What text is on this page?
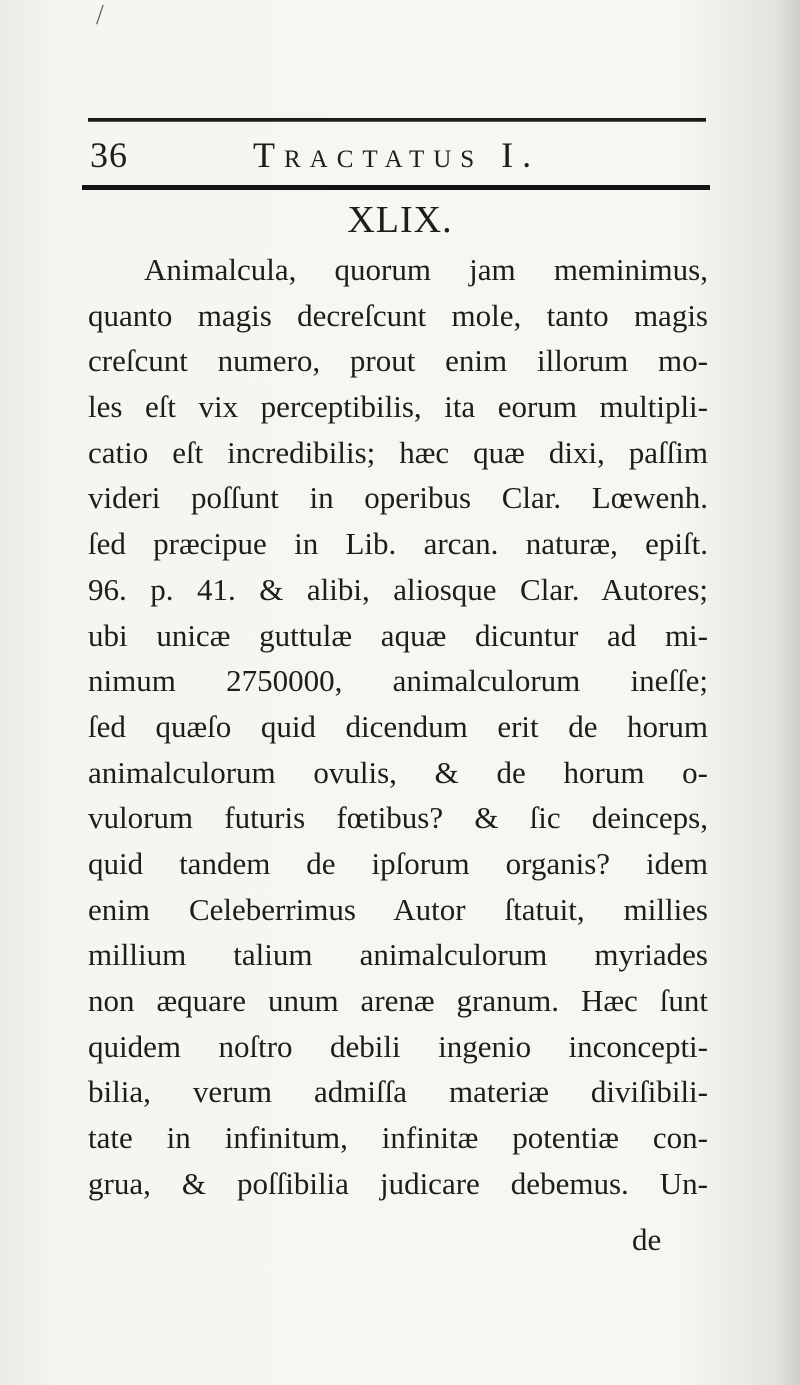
/
36	Tractatus I.
XLIX.
Animalcula, quorum jam meminimus,
quanto magis decreſcunt mole, tanto magis
creſcunt numero, prout enim illorum mo-
les eſt vix perceptibilis, ita eorum multipli-
catio eſt incredibilis; hæc quæ dixi, paſſim
videri poſſunt in operibus Clar. Lœwenh.
ſed præcipue in Lib. arcan. naturæ, epiſt.
96. p. 41. & alibi, aliosque Clar. Autores;
ubi unicæ guttulæ aquæ dicuntur ad mi-
nimum 2750000, animalculorum ineſſe;
ſed quæſo quid dicendum erit de horum
animalculorum ovulis, & de horum o-
vulorum futuris fœtibus? & ſic deinceps,
quid tandem de ipſorum organis? idem
enim Celeberrimus Autor ſtatuit, millies
millium talium animalculorum myriades
non æquare unum arenæ granum. Hæc ſunt
quidem noſtro debili ingenio inconcepti-
bilia, verum admiſſa materiæ diviſibili-
tate in infinitum, infinitæ potentiæ con-
grua, & poſſibilia judicare debemus. Un-
de
